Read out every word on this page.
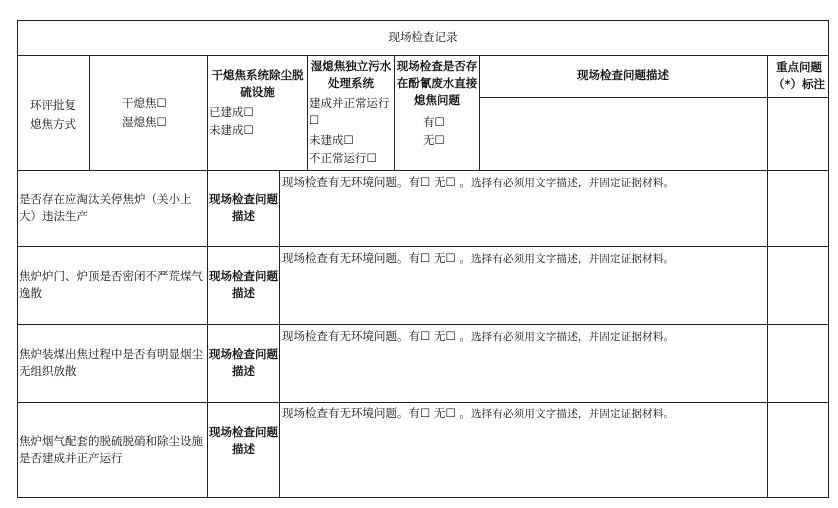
现场检查记录
环评批复熄焦方式
干熄焦☐
湿熄焦☐
干熄焦系统除尘脱硫设施
已建成☐
未建成☐
湿熄焦独立污水处理系统
建成并正常运行☐
未建成☐
不正常运行☐
现场检查是否存在酚氰废水直接熄焦问题
有☐
无☐
现场检查问题描述
重点问题（*）标注
是否存在应淘汰关停焦炉（关小上大）违法生产
现场检查问题描述
现场检查有无环境问题。有☐ 无☐ 。选择有必须用文字描述，并固定证据材料。
焦炉炉门、炉顶是否密闭不严荒煤气逸散
现场检查问题描述
现场检查有无环境问题。有☐ 无☐ 。选择有必须用文字描述，并固定证据材料。
焦炉装煤出焦过程中是否有明显烟尘无组织放散
现场检查问题描述
现场检查有无环境问题。有☐ 无☐ 。选择有必须用文字描述，并固定证据材料。
焦炉烟气配套的脱硫脱硝和除尘设施是否建成并正产运行
现场检查问题描述
现场检查有无环境问题。有☐ 无☐ 。选择有必须用文字描述，并固定证据材料。
